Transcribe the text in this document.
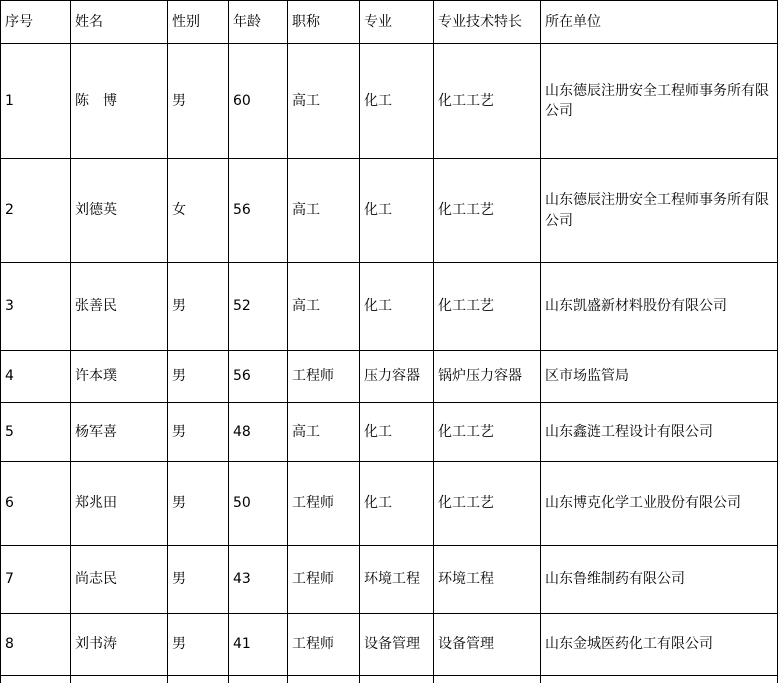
序号	姓名	性别	年龄	职称	专业	专业技术特长	所在单位
1	陈　博	男	60	高工	化工	化工工艺	山东德辰注册安全工程师事务所有限公司
2	刘德英	女	56	高工	化工	化工工艺	山东德辰注册安全工程师事务所有限公司
3	张善民	男	52	高工	化工	化工工艺	山东凯盛新材料股份有限公司
4	许本璞	男	56	工程师	压力容器	锅炉压力容器	区市场监管局
5	杨军喜	男	48	高工	化工	化工工艺	山东鑫涟工程设计有限公司
6	郑兆田	男	50	工程师	化工	化工工艺	山东博克化学工业股份有限公司
7	尚志民	男	43	工程师	环境工程	环境工程	山东鲁维制药有限公司
8	刘书涛	男	41	工程师	设备管理	设备管理	山东金城医药化工有限公司
